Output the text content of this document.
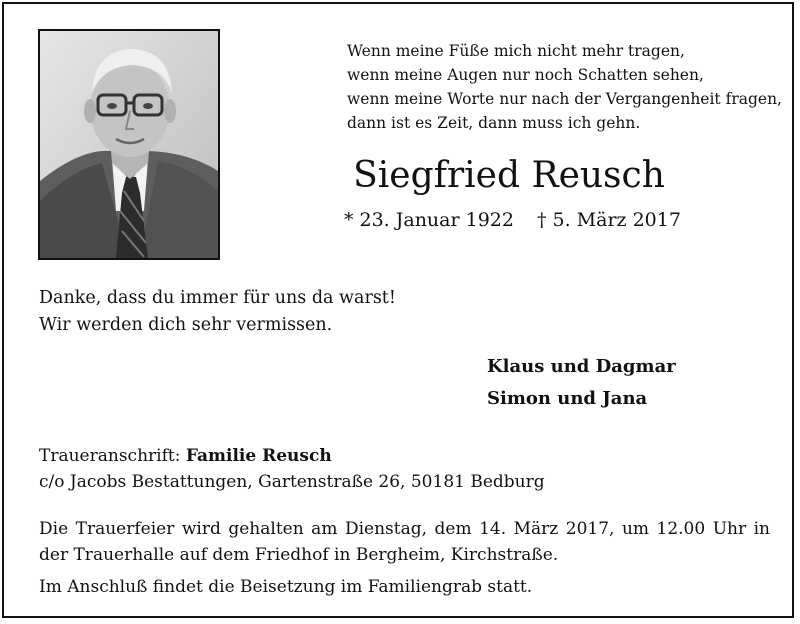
Wenn meine Füße mich nicht mehr tragen,
wenn meine Augen nur noch Schatten sehen,
wenn meine Worte nur nach der Vergangenheit fragen,
dann ist es Zeit, dann muss ich gehn.
Siegfried Reusch
* 23. Januar 1922 † 5. März 2017
Danke, dass du immer für uns da warst!
Wir werden dich sehr vermissen.
Klaus und Dagmar
Simon und Jana
Traueranschrift: Familie Reusch
c/o Jacobs Bestattungen, Gartenstraße 26, 50181 Bedburg
Die Trauerfeier wird gehalten am Dienstag, dem 14. März 2017, um 12.00 Uhr in der Trauerhalle auf dem Friedhof in Bergheim, Kirchstraße.
Im Anschluß findet die Beisetzung im Familiengrab statt.
